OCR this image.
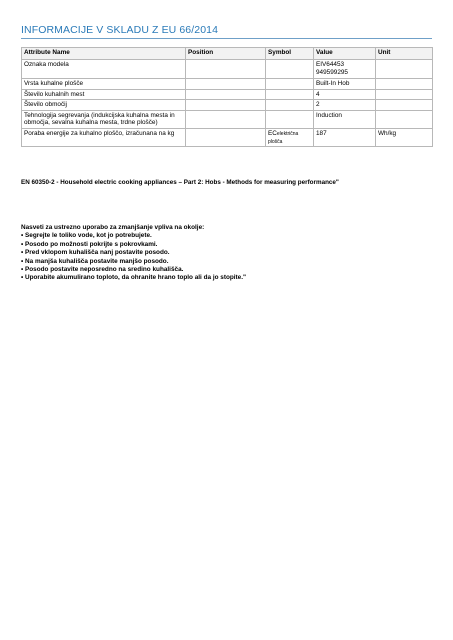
INFORMACIJE V SKLADU Z EU 66/2014
Attribute Name	Position	Symbol	Value	Unit
Oznaka modela			EIV64453
949599295	
Vrsta kuhalne plošče			Built-In Hob	
Število kuhalnih mest			4	
Število območij			2	
Tehnologija segrevanja (indukcijska kuhalna mesta in območja, sevalna kuhalna mesta, trdne plošče)			Induction	
Poraba energije za kuhalno ploščo, izračunana na kg		ECelektrična plošča	187	Wh/kg
EN 60350-2 - Household electric cooking appliances – Part 2: Hobs - Methods for measuring performance"
Nasveti za ustrezno uporabo za zmanjšanje vpliva na okolje:
• Segrejte le toliko vode, kot jo potrebujete.
• Posodo po možnosti pokrijte s pokrovkami.
• Pred vklopom kuhališča nanj postavite posodo.
• Na manjša kuhališča postavite manjšo posodo.
• Posodo postavite neposredno na sredino kuhališča.
• Uporabite akumulirano toploto, da ohranite hrano toplo ali da jo stopite."
